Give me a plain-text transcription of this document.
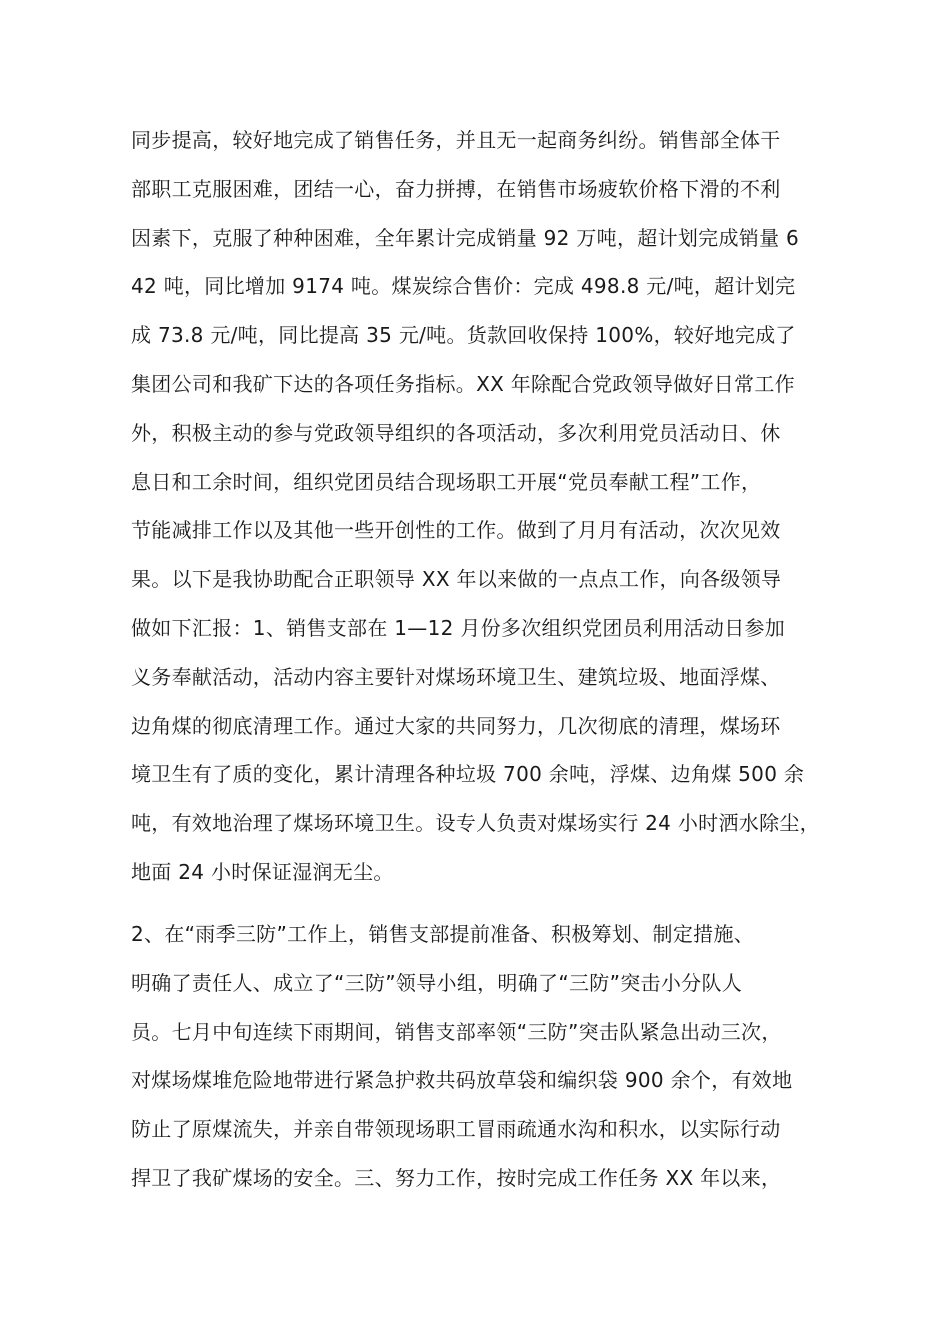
同步提高，较好地完成了销售任务，并且无一起商务纠纷。销售部全体干
部职工克服困难，团结一心，奋力拼搏，在销售市场疲软价格下滑的不利
因素下，克服了种种困难，全年累计完成销量 92 万吨，超计划完成销量 6
42 吨，同比增加 9174 吨。煤炭综合售价：完成 498.8 元/吨，超计划完
成 73.8 元/吨，同比提高 35 元/吨。货款回收保持 100%，较好地完成了
集团公司和我矿下达的各项任务指标。XX 年除配合党政领导做好日常工作
外，积极主动的参与党政领导组织的各项活动，多次利用党员活动日、休
息日和工余时间，组织党团员结合现场职工开展“党员奉献工程”工作，
节能减排工作以及其他一些开创性的工作。做到了月月有活动，次次见效
果。以下是我协助配合正职领导 XX 年以来做的一点点工作，向各级领导
做如下汇报：1、销售支部在 1—12 月份多次组织党团员利用活动日参加
义务奉献活动，活动内容主要针对煤场环境卫生、建筑垃圾、地面浮煤、
边角煤的彻底清理工作。通过大家的共同努力，几次彻底的清理，煤场环
境卫生有了质的变化，累计清理各种垃圾 700 余吨，浮煤、边角煤 500 余
吨，有效地治理了煤场环境卫生。设专人负责对煤场实行 24 小时洒水除尘，
地面 24 小时保证湿润无尘。
2、在“雨季三防”工作上，销售支部提前准备、积极筹划、制定措施、
明确了责任人、成立了“三防”领导小组，明确了“三防”突击小分队人
员。七月中旬连续下雨期间，销售支部率领“三防”突击队紧急出动三次，
对煤场煤堆危险地带进行紧急护救共码放草袋和编织袋 900 余个，有效地
防止了原煤流失，并亲自带领现场职工冒雨疏通水沟和积水，以实际行动
捍卫了我矿煤场的安全。三、努力工作，按时完成工作任务 XX 年以来，
